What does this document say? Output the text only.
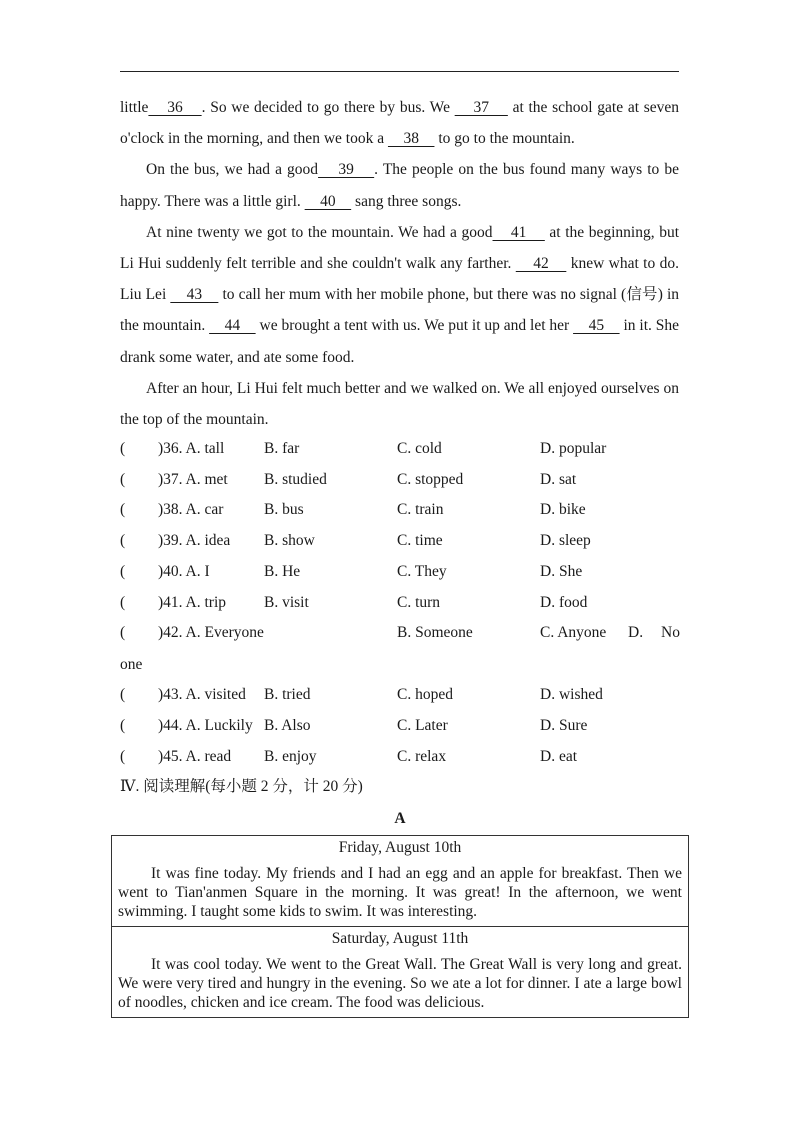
little    36    . So we decided to go there by bus. We     37     at the school gate at seven o'clock in the morning, and then we took a     38     to go to the mountain.

On the bus, we had a good    39    . The people on the bus found many ways to be happy. There was a little girl.     40     sang three songs.

At nine twenty we got to the mountain. We had a good    41     at the beginning, but Li Hui suddenly felt terrible and she couldn't walk any farther.     42     knew what to do. Liu Lei     43     to call her mum with her mobile phone, but there was no signal (信号) in the mountain.     44     we brought a tent with us. We put it up and let her     45     in it. She drank some water, and ate some food.

After an hour, Li Hui felt much better and we walked on. We all enjoyed ourselves on the top of the mountain.

( )36. A. tall	B. far	C. cold	D. popular
( )37. A. met B. studied	C. stopped	D. sat
( )38. A. car	B. bus	C. train	D. bike
( )39. A. idea B. show	C. time	D. sleep
( )40. A. I	B. He	C. They	D. She
( )41. A. trip B. visit	C. turn	D. food
( )42. A. Everyone	B. Someone	C. Anyone D. No
one
( )43. A. visited B. tried	C. hoped	D. wished
( )44. A. Luckily B. Also	C. Later	D. Sure
( )45. A. read B. enjoy	C. relax	D. eat
Ⅳ. 阅读理解(每小题 2 分，计 20 分)
A
Friday, August 10th

It was fine today. My friends and I had an egg and an apple for breakfast. Then we went to Tian'anmen Square in the morning. It was great! In the afternoon, we went swimming. I taught some kids to swim. It was interesting.

Saturday, August 11th

It was cool today. We went to the Great Wall. The Great Wall is very long and great. We were very tired and hungry in the evening. So we ate a lot for dinner. I ate a large bowl of noodles, chicken and ice cream. The food was delicious.
